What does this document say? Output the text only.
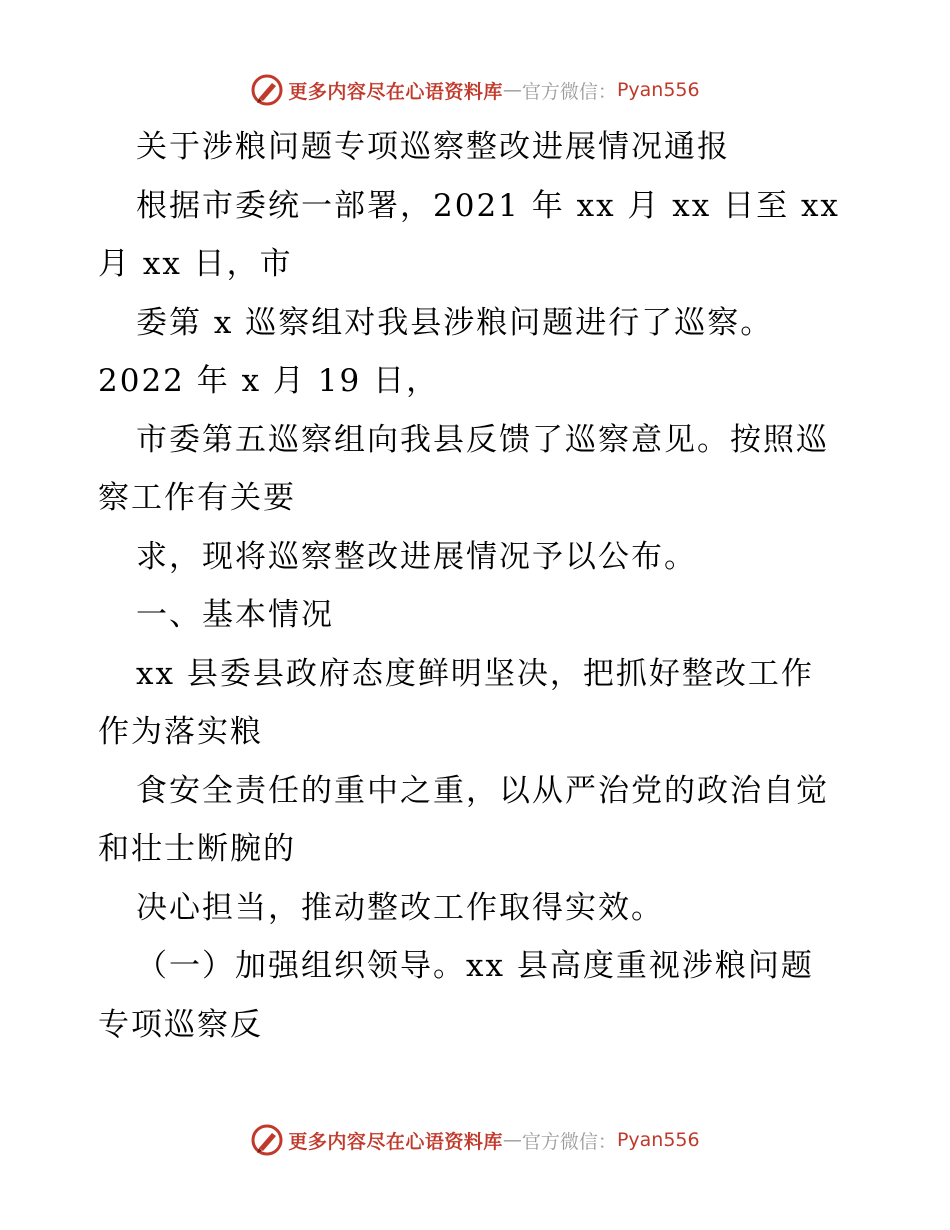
更多内容尽在心语资料库 — 官方微信： Pyan556
关于涉粮问题专项巡察整改进展情况通报
根据市委统一部署，2021 年 xx 月 xx 日至 xx
月 xx 日，市
委第 x 巡察组对我县涉粮问题进行了巡察。
2022 年 x 月 19 日，
市委第五巡察组向我县反馈了巡察意见。按照巡
察工作有关要
求，现将巡察整改进展情况予以公布。
一、基本情况
xx 县委县政府态度鲜明坚决，把抓好整改工作
作为落实粮
食安全责任的重中之重，以从严治党的政治自觉
和壮士断腕的
决心担当，推动整改工作取得实效。
（一）加强组织领导。xx 县高度重视涉粮问题
专项巡察反
更多内容尽在心语资料库 — 官方微信： Pyan556
